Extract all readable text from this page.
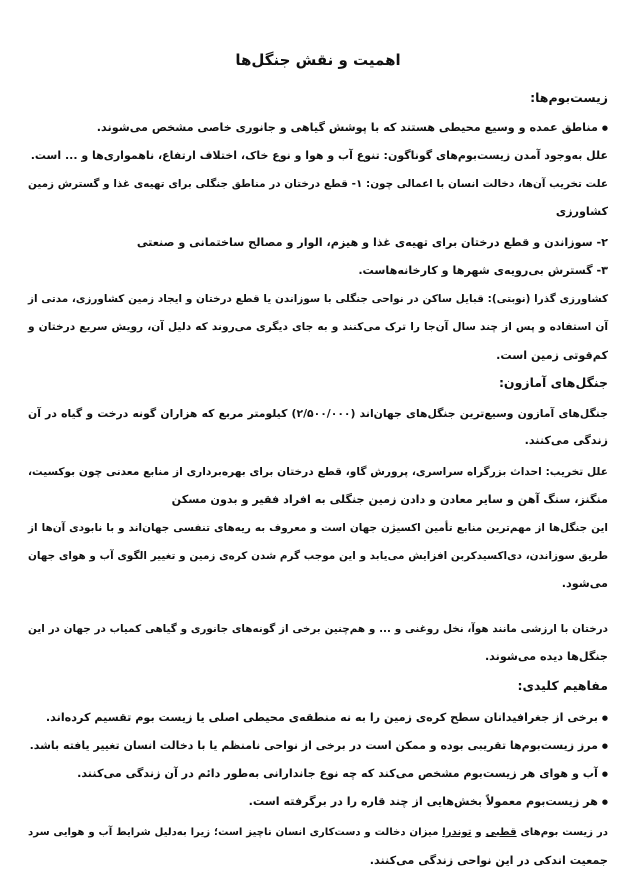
اهمیت و نقش جنگل‌ها
زیست‌بوم‌ها:
● مناطق عمده و وسیع محیطی هستند که با پوشش گیاهی و جانوری خاصی مشخص می‌شوند.
علل به‌وجود آمدن زیست‌بوم‌های گوناگون: تنوع آب و هوا و نوع خاک، اختلاف ارتفاع، ناهمواری‌ها و ... است.
علت تخریب آن‌ها، دخالت انسان با اعمالی چون: ۱- قطع درختان در مناطق جنگلی برای تهیه‌ی غذا و گسترش زمین
کشاورزی
۲- سوزاندن و قطع درختان برای تهیه‌ی غذا و هیزم، الوار و مصالح ساختمانی و صنعتی
۳- گسترش بی‌رویه‌ی شهرها و کارخانه‌هاست.
کشاورزی گذرا (نوبتی): قبایل ساکن در نواحی جنگلی با سوزاندن یا قطع درختان و ایجاد زمین کشاورزی، مدتی از
آن استفاده و پس از چند سال آن‌جا را ترک می‌کنند و به جای دیگری می‌روند که دلیل آن، رویش سریع درختان و
کم‌قوتی زمین است.
جنگل‌های آمازون:
جنگل‌های آمازون وسیع‌ترین جنگل‌های جهان‌اند (۲/۵۰۰/۰۰۰) کیلومتر مربع که هزاران گونه درخت و گیاه در آن
زندگی می‌کنند.
علل تخریب: احداث بزرگراه سراسری، پرورش گاو، قطع درختان برای بهره‌برداری از منابع معدنی چون بوکسیت،
منگنز، سنگ آهن و سایر معادن و دادن زمین جنگلی به افراد فقیر و بدون مسکن
این جنگل‌ها از مهم‌ترین منابع تأمین اکسیژن جهان است و معروف به ریه‌های تنفسی جهان‌اند و با نابودی آن‌ها از
طریق سوزاندن، دی‌اکسیدکربن افزایش می‌یابد و این موجب گرم شدن کره‌ی زمین و تغییر الگوی آب و هوای جهان
می‌شود.
درختان با ارزشی مانند هوآ، نخل روغنی و ... و هم‌چنین برخی از گونه‌های جانوری و گیاهی کمیاب در جهان در این
جنگل‌ها دیده می‌شوند.
مفاهیم کلیدی:
● برخی از جغرافیدانان سطح کره‌ی زمین را به نه منطقه‌ی محیطی اصلی یا زیست بوم تقسیم کرده‌اند.
● مرز زیست‌بوم‌ها تقریبی بوده و ممکن است در برخی از نواحی نامنظم یا با دخالت انسان تغییر یافته باشد.
● آب و هوای هر زیست‌بوم مشخص می‌کند که چه نوع جاندارانی به‌طور دائم در آن زندگی می‌کنند.
● هر زیست‌بوم معمولاً بخش‌هایی از چند قاره را در برگرفته است.
در زیست بوم‌های قطبی و توندرا میزان دخالت و دست‌کاری انسان ناچیز است؛ زیرا به‌دلیل شرایط آب و هوایی سرد
جمعیت اندکی در این نواحی زندگی می‌کنند.
